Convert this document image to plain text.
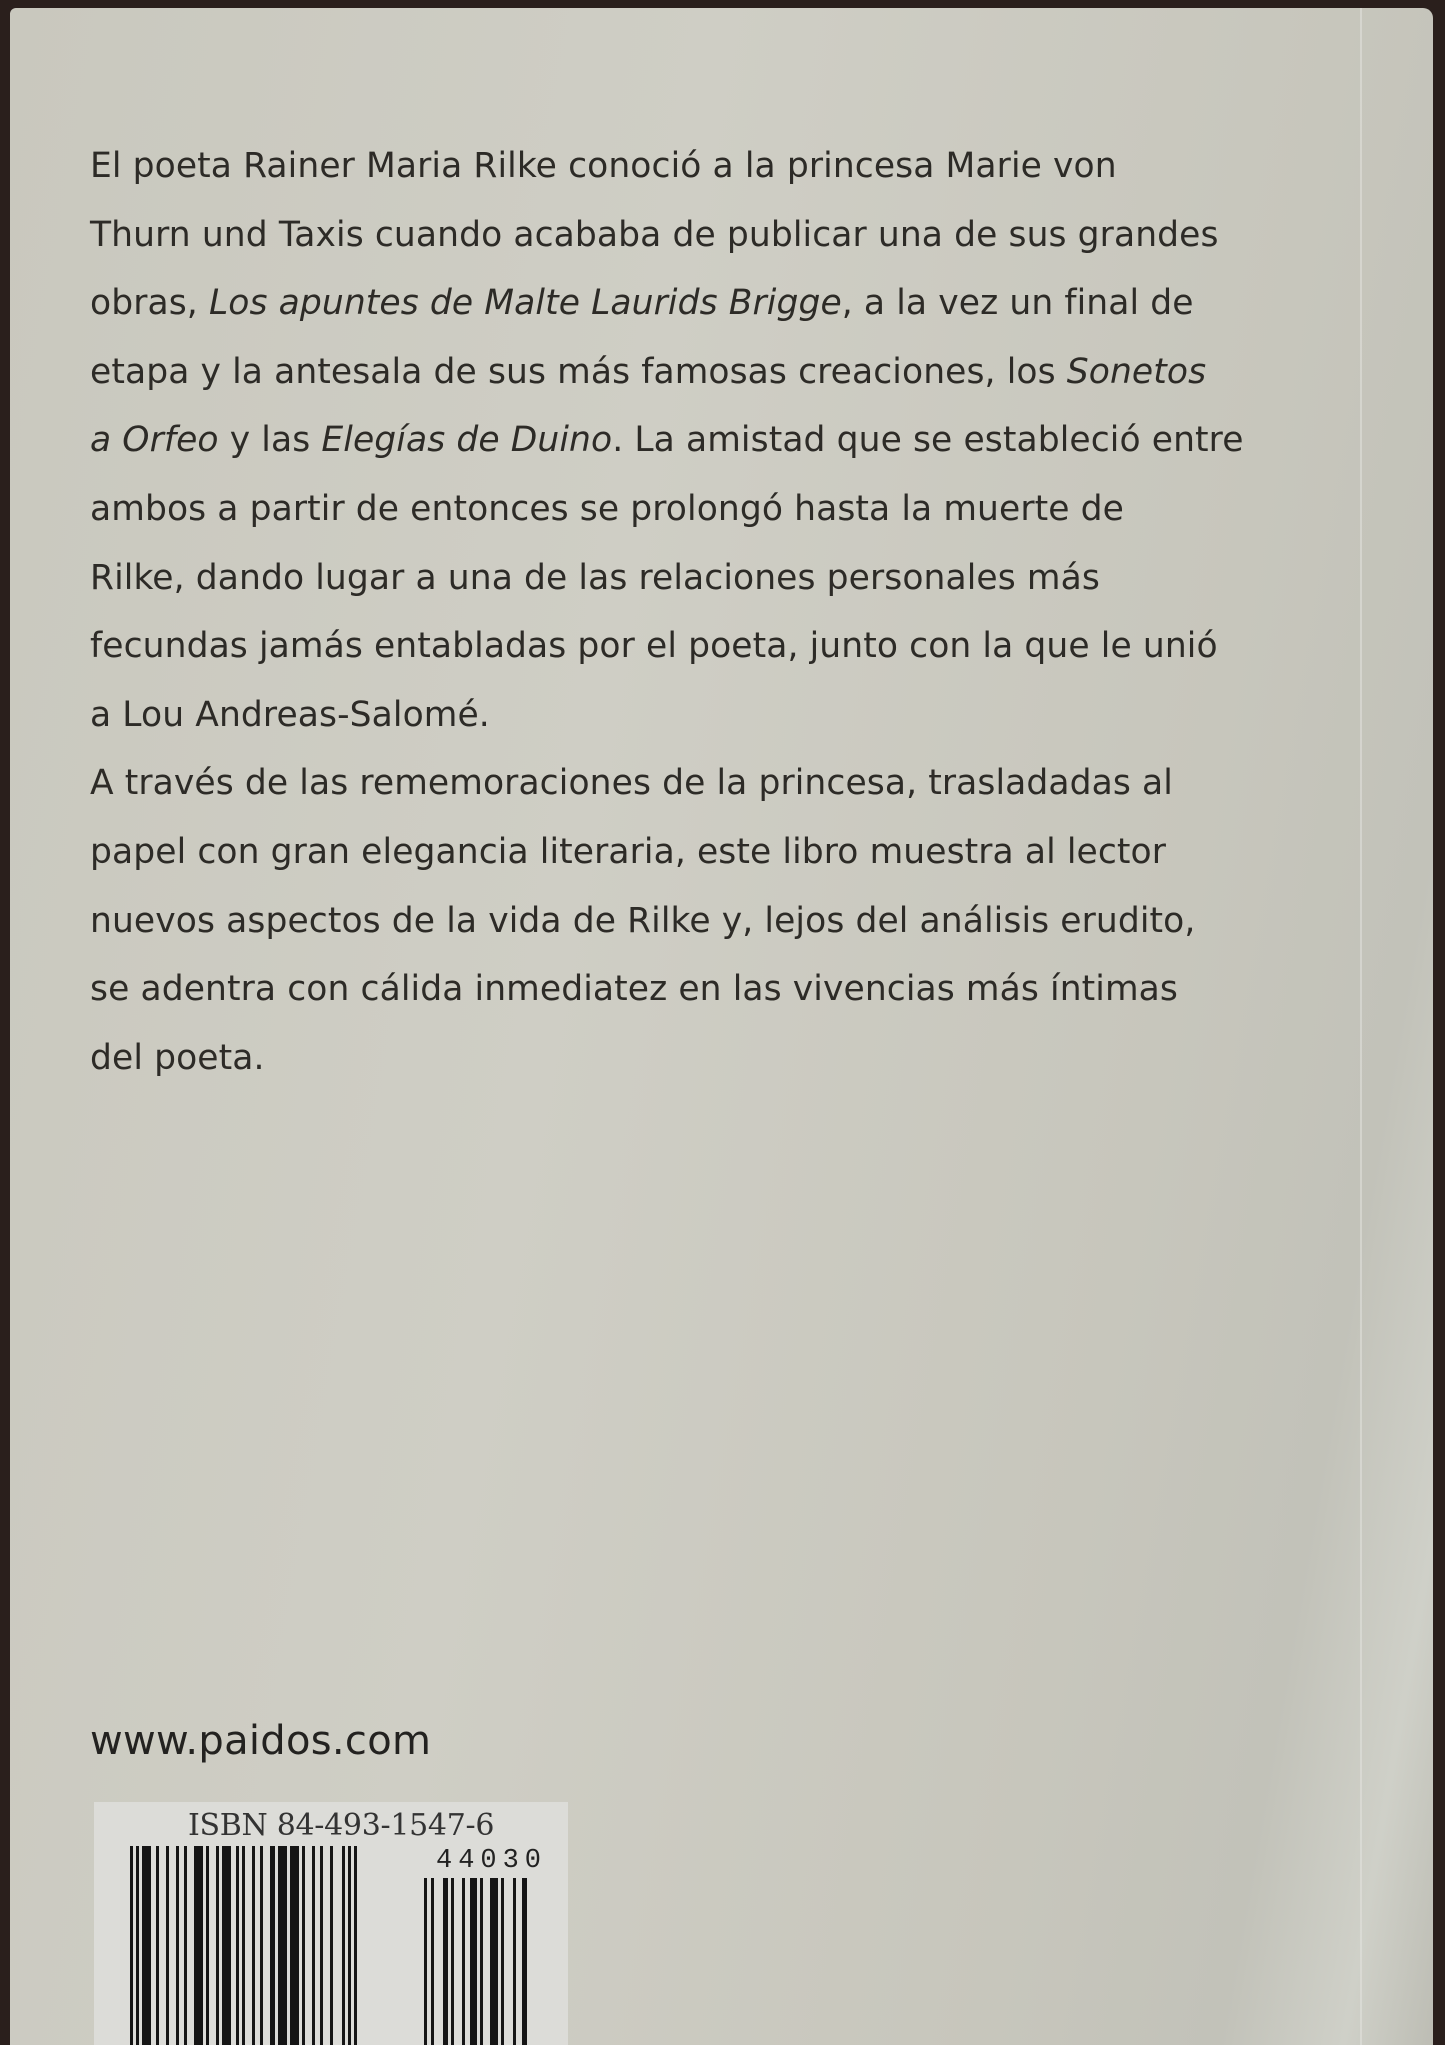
El poeta Rainer Maria Rilke conoció a la princesa Marie von
Thurn und Taxis cuando acababa de publicar una de sus grandes
obras, Los apuntes de Malte Laurids Brigge, a la vez un final de
etapa y la antesala de sus más famosas creaciones, los Sonetos
a Orfeo y las Elegías de Duino. La amistad que se estableció entre
ambos a partir de entonces se prolongó hasta la muerte de
Rilke, dando lugar a una de las relaciones personales más
fecundas jamás entabladas por el poeta, junto con la que le unió
a Lou Andreas-Salomé.

A través de las rememoraciones de la princesa, trasladadas al
papel con gran elegancia literaria, este libro muestra al lector
nuevos aspectos de la vida de Rilke y, lejos del análisis erudito,
se adentra con cálida inmediatez en las vivencias más íntimas
del poeta.

www.paidos.com
ISBN 84-493-1547-6
44030
